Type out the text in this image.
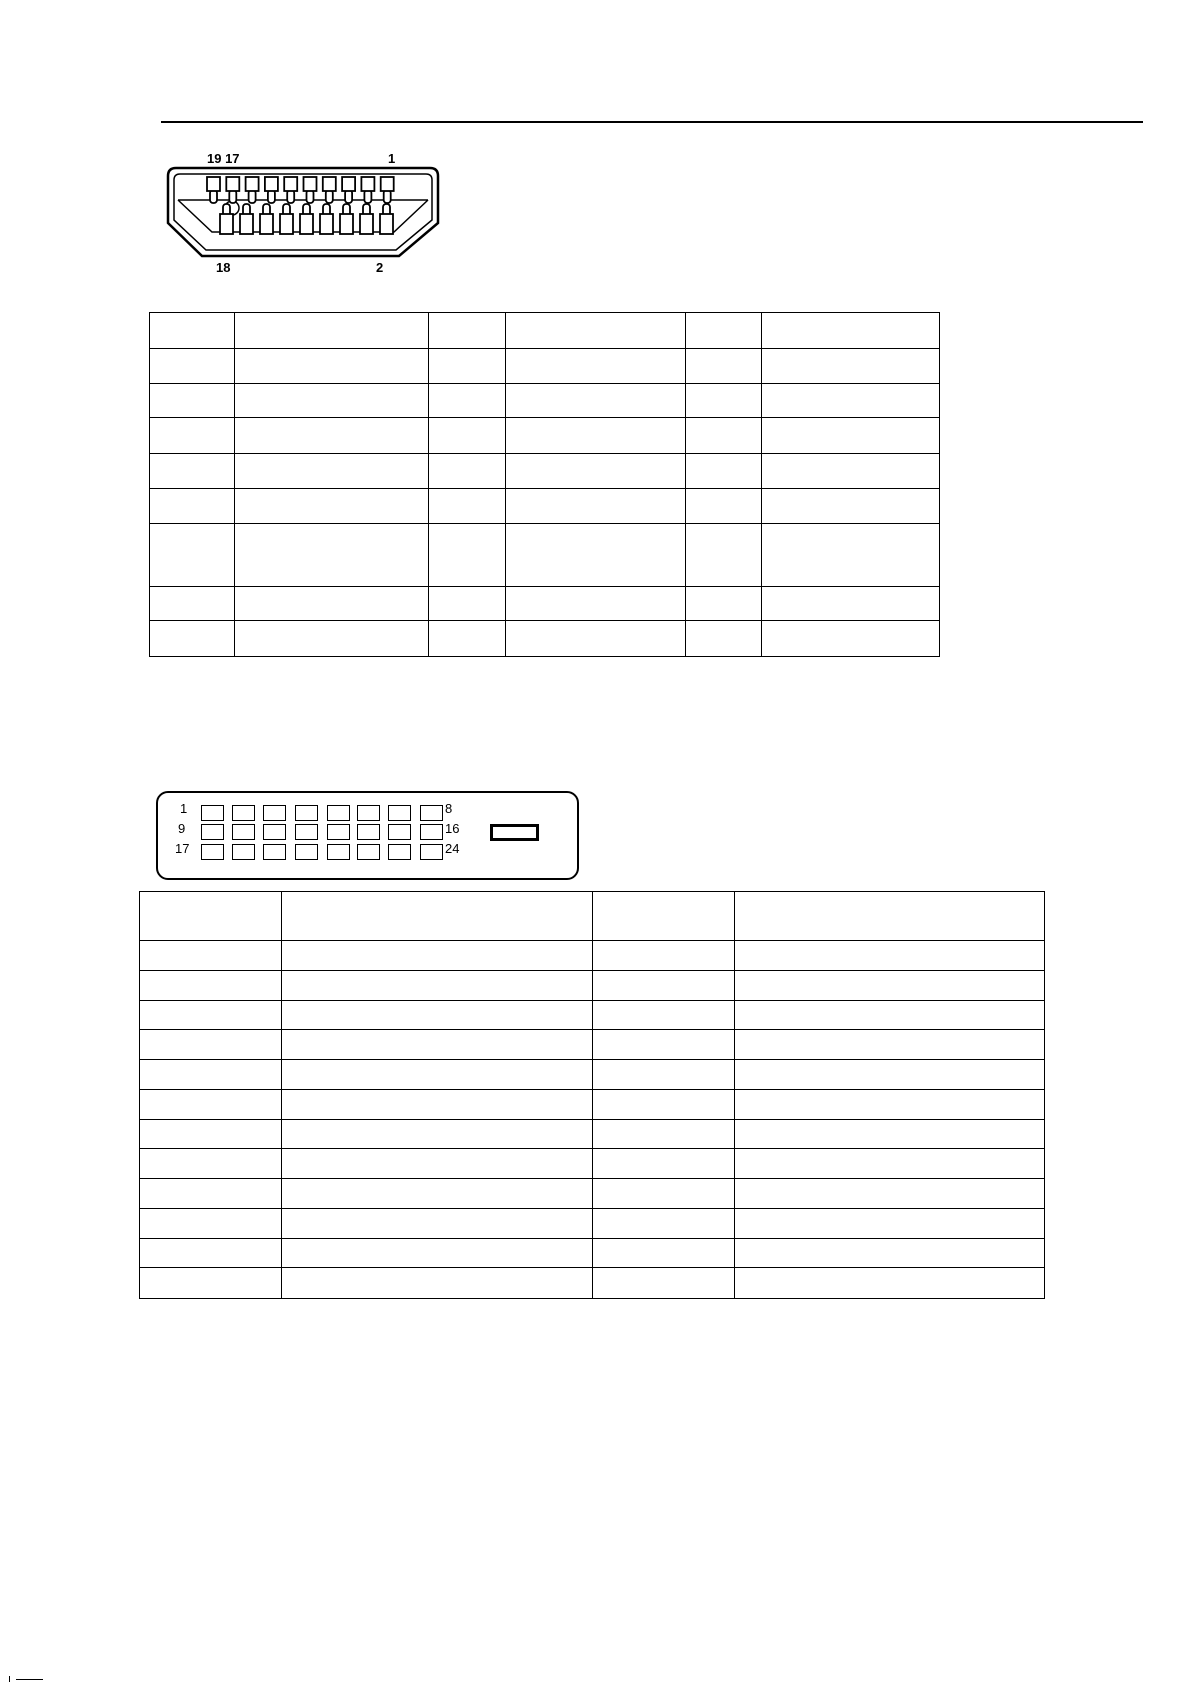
19 17	1
18	2

1
9
17
8
16
24
